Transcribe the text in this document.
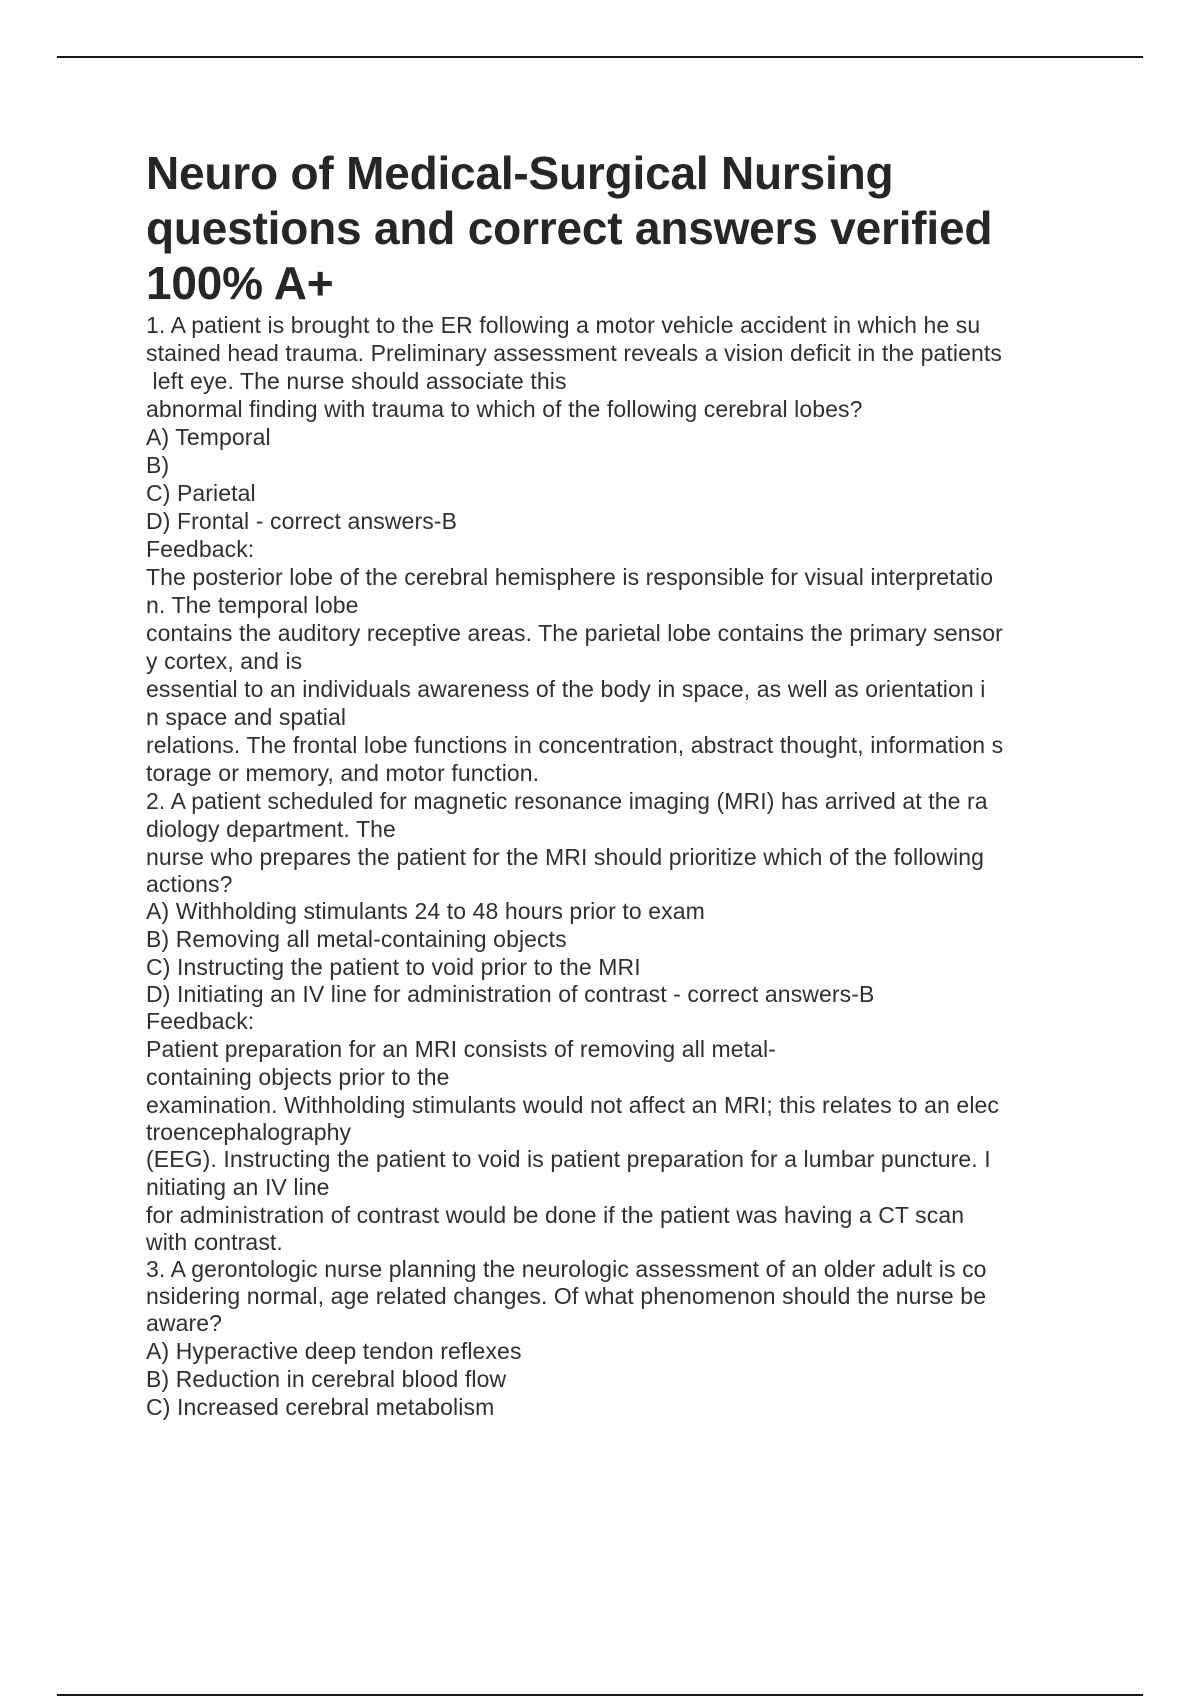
Neuro of Medical-Surgical Nursing
questions and correct answers verified
100% A+
1. A patient is brought to the ER following a motor vehicle accident in which he su
stained head trauma. Preliminary assessment reveals a vision deficit in the patients
left eye. The nurse should associate this
abnormal finding with trauma to which of the following cerebral lobes?
A) Temporal
B)
C) Parietal
D) Frontal - correct answers-B
Feedback:
The posterior lobe of the cerebral hemisphere is responsible for visual interpretatio
n. The temporal lobe
contains the auditory receptive areas. The parietal lobe contains the primary sensor
y cortex, and is
essential to an individuals awareness of the body in space, as well as orientation i
n space and spatial
relations. The frontal lobe functions in concentration, abstract thought, information s
torage or memory, and motor function.
2. A patient scheduled for magnetic resonance imaging (MRI) has arrived at the ra
diology department. The
nurse who prepares the patient for the MRI should prioritize which of the following
actions?
A) Withholding stimulants 24 to 48 hours prior to exam
B) Removing all metal-containing objects
C) Instructing the patient to void prior to the MRI
D) Initiating an IV line for administration of contrast - correct answers-B
Feedback:
Patient preparation for an MRI consists of removing all metal-
containing objects prior to the
examination. Withholding stimulants would not affect an MRI; this relates to an elec
troencephalography
(EEG). Instructing the patient to void is patient preparation for a lumbar puncture. I
nitiating an IV line
for administration of contrast would be done if the patient was having a CT scan
with contrast.
3. A gerontologic nurse planning the neurologic assessment of an older adult is co
nsidering normal, age related changes. Of what phenomenon should the nurse be
aware?
A) Hyperactive deep tendon reflexes
B) Reduction in cerebral blood flow
C) Increased cerebral metabolism
